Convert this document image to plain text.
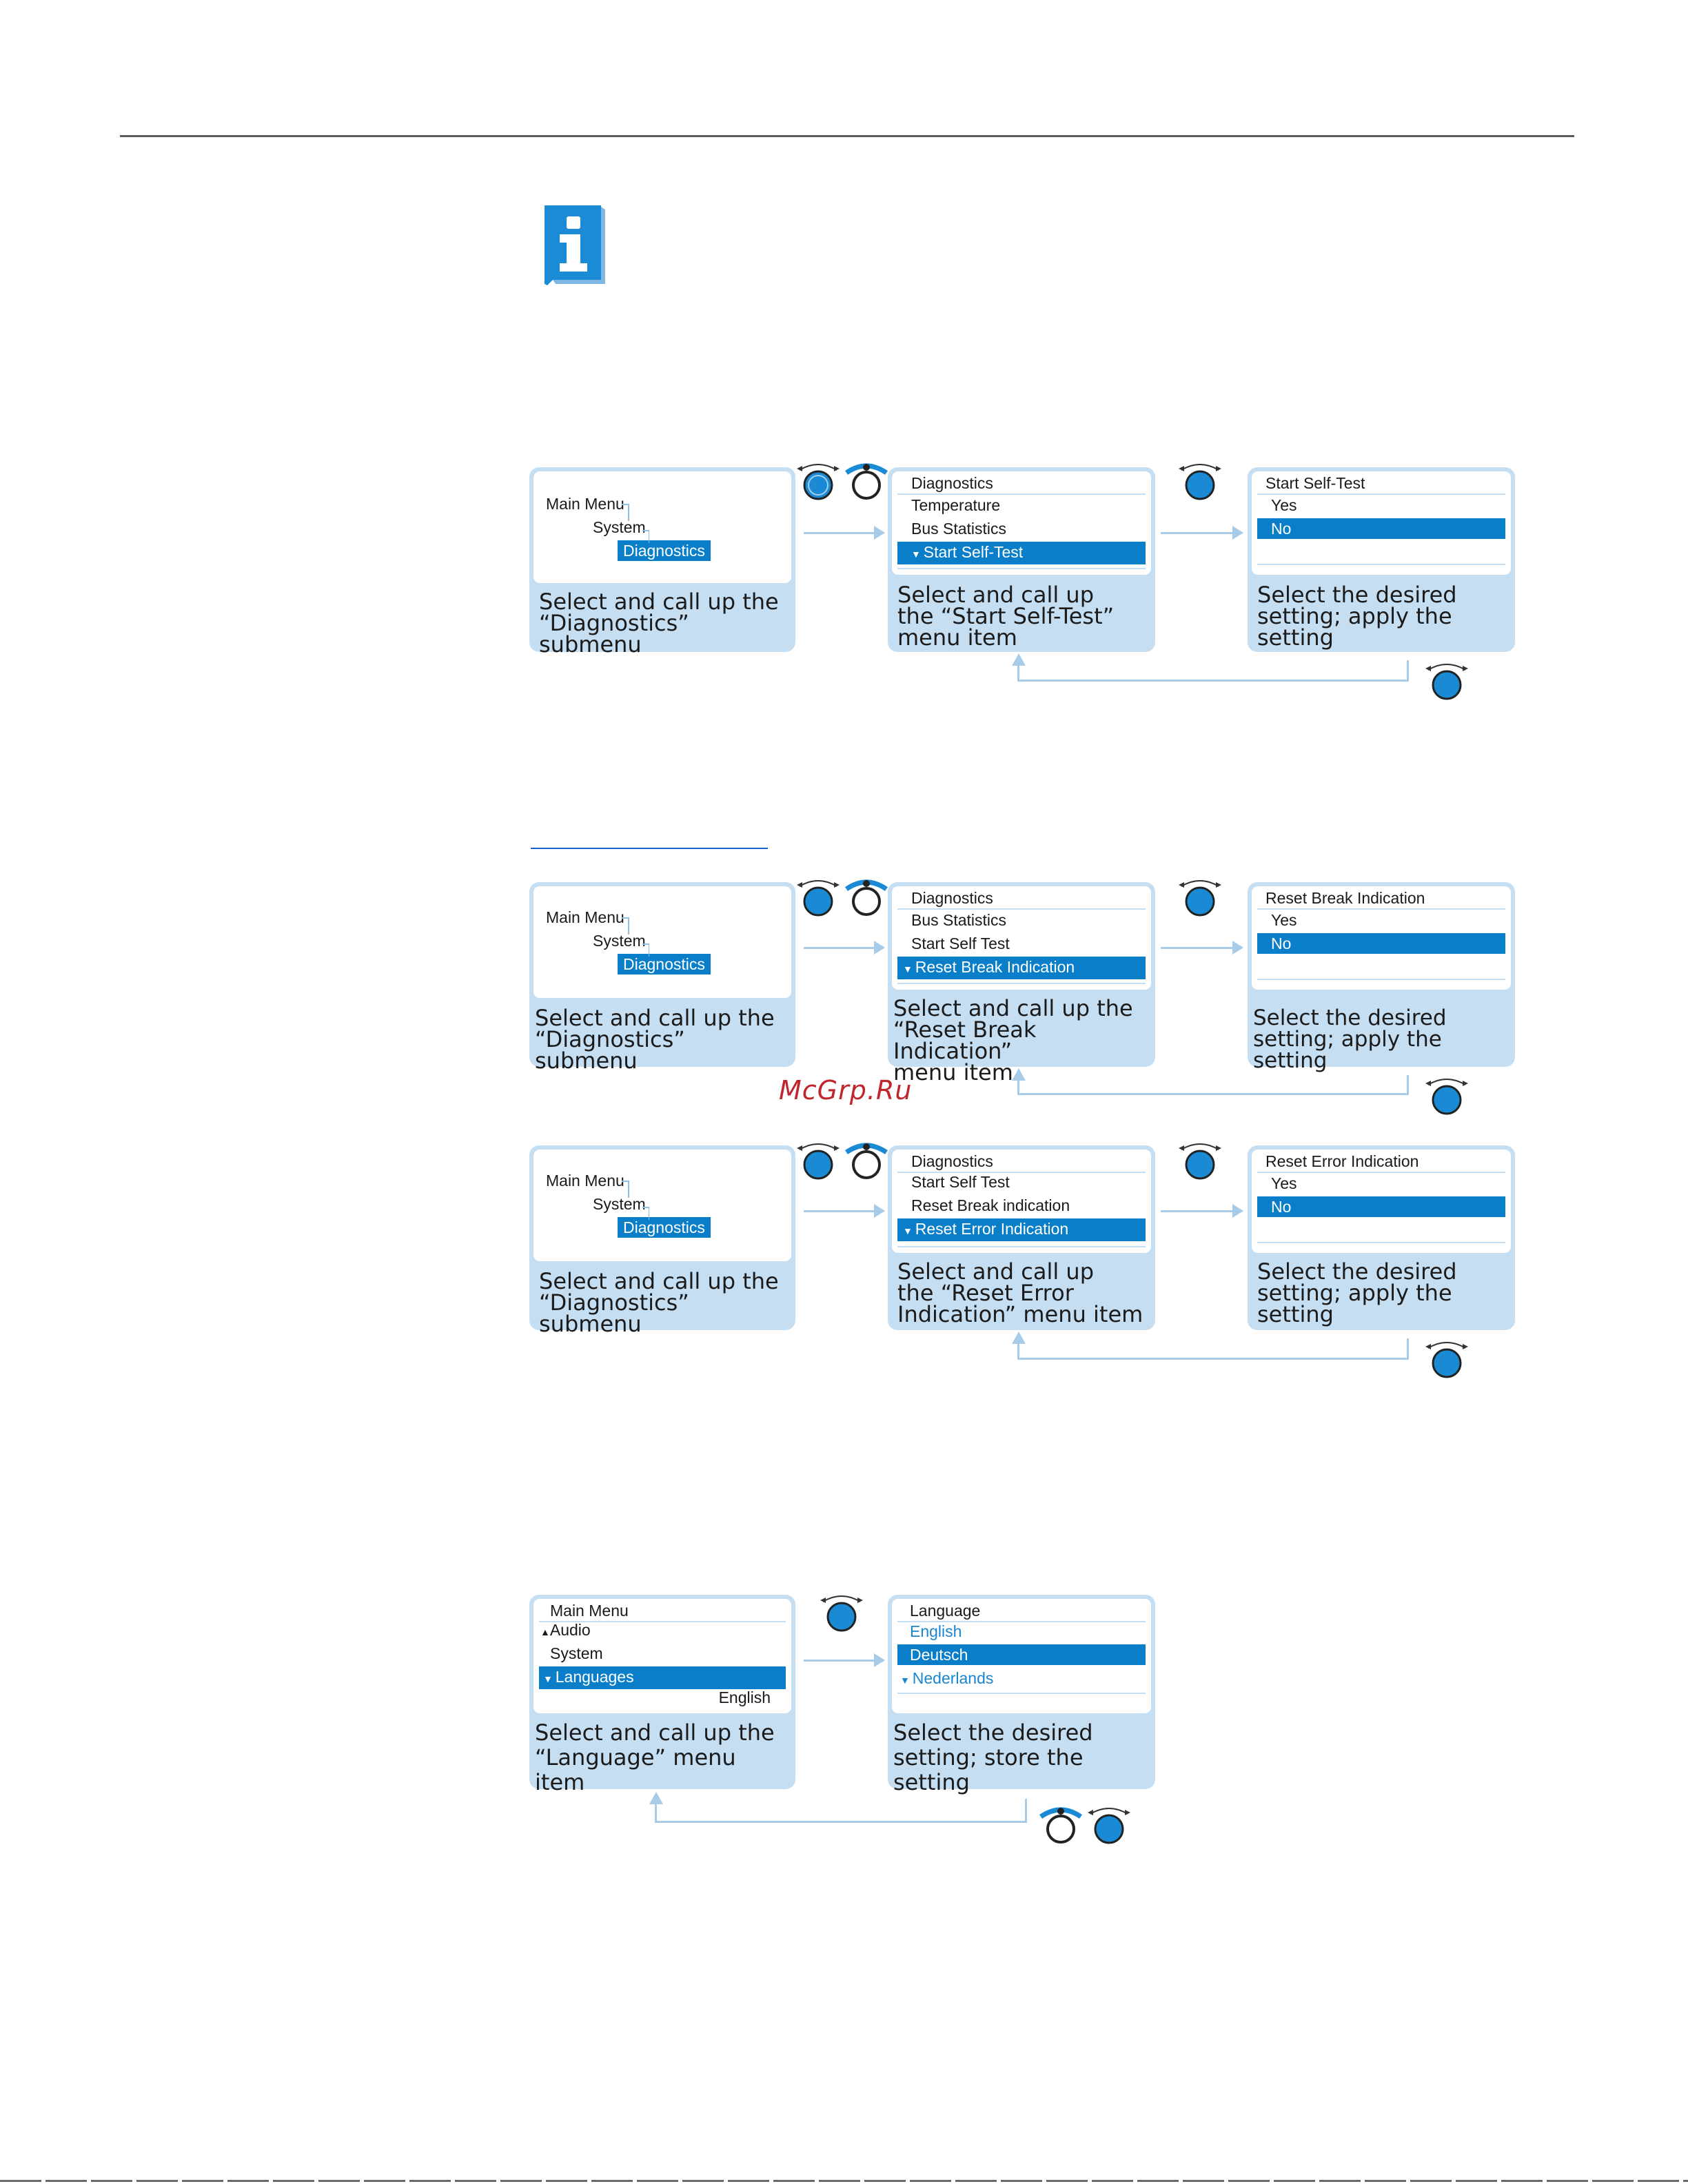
McGrp.Ru
Main Menu
System
Diagnostics
Select and call up the
“Diagnostics” submenu
Diagnostics
Temperature
Bus Statistics
▼ Start Self-Test
Select and call up
the “Start Self-Test”
menu item
Start Self-Test
Yes
No
Select the desired
setting; apply the
setting
Main Menu
System
Diagnostics
Select and call up the
“Diagnostics” submenu
Diagnostics
Bus Statistics
Start Self Test
▼ Reset Break Indication
Select and call up the
“Reset Break Indication”
menu item
Reset Break Indication
Yes
No
Select the desired
setting; apply the setting
Main Menu
System
Diagnostics
Select and call up the
“Diagnostics” submenu
Diagnostics
Start Self Test
Reset Break indication
▼ Reset Error Indication
Select and call up
the “Reset Error
Indication” menu item
Reset Error Indication
Yes
No
Select the desired
setting; apply the
setting
Main Menu
▲Audio
System
▼ Languages
English
Select and call up the
“Language” menu item
Language
English
Deutsch
▼ Nederlands
Select the desired
setting; store the
setting
